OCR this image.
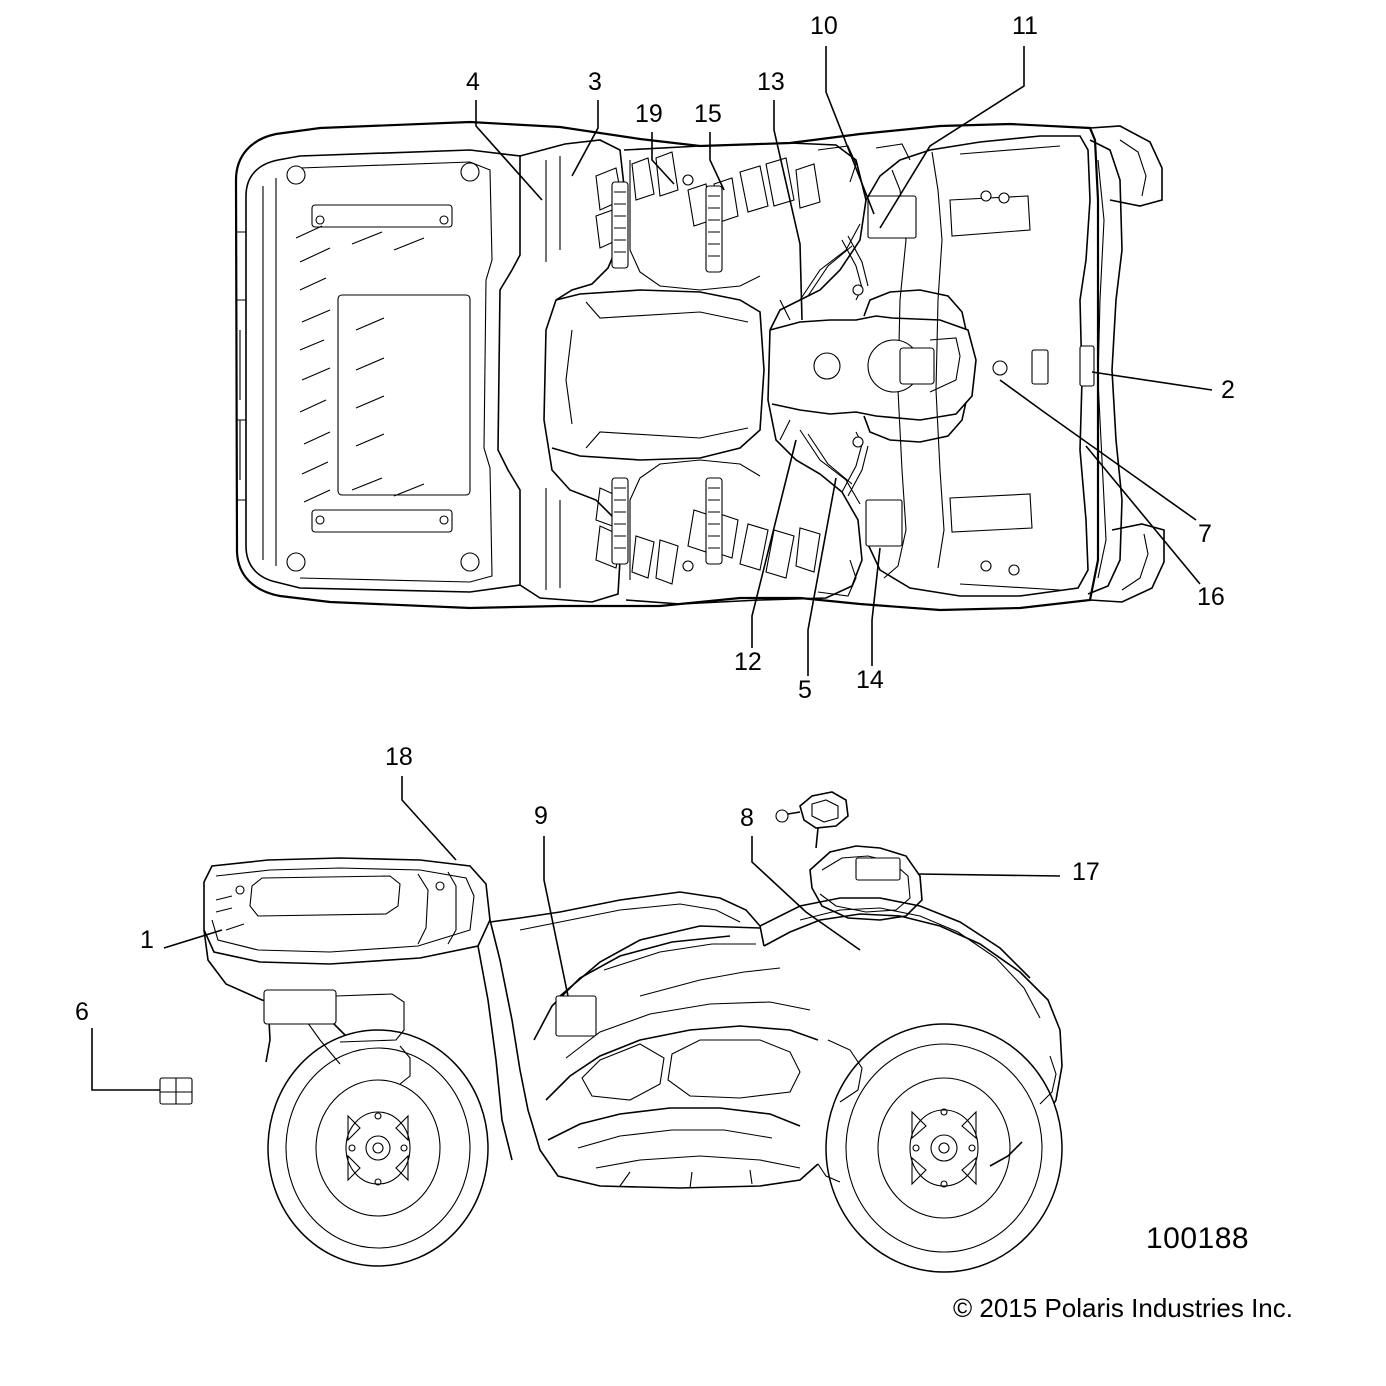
1
2
3
4
5
6
7
8
9
10	11
12
13
14
15
16
17
18
19
100188
© 2015 Polaris Industries Inc.
